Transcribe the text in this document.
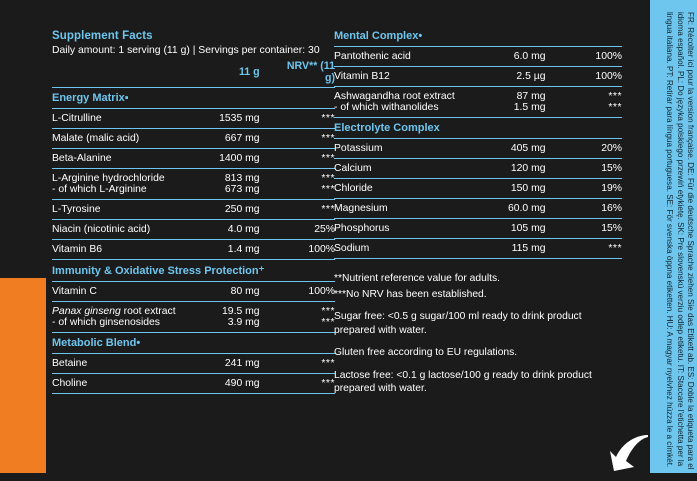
Supplement Facts
Daily amount: 1 serving (11 g) | Servings per container: 30
	11 g	NRV** (11 g)
Energy Matrix▪		
L-Citrulline	1535 mg	***
Malate (malic acid)	667 mg	***
Beta-Alanine	1400 mg	***
L-Arginine hydrochloride	813 mg	***
- of which L-Arginine	673 mg	***
L-Tyrosine	250 mg	***
Niacin (nicotinic acid)	4.0 mg	25%
Vitamin B6	1.4 mg	100%
Immunity & Oxidative Stress Protection⁺		
Vitamin C	80 mg	100%
Panax ginseng root extract	19.5 mg	***
- of which ginsenosides	3.9 mg	***
Metabolic Blend•		
Betaine	241 mg	***
Choline	490 mg	***

Mental Complex•		
Pantothenic acid	6.0 mg	100%
Vitamin B12	2.5 µg	100%
Ashwagandha root extract	87 mg	***
- of which withanolides	1.5 mg	***
Electrolyte Complex		
Potassium	405 mg	20%
Calcium	120 mg	15%
Chloride	150 mg	19%
Magnesium	60.0 mg	16%
Phosphorus	105 mg	15%
Sodium	115 mg	***

**Nutrient reference value for adults.

***No NRV has been established.

Sugar free: <0.5 g sugar/100 ml ready to drink product prepared with water.

Gluten free according to EU regulations.

Lactose free: <0.1 g lactose/100 g ready to drink product prepared with water.	FR: Récolter ici pour la version française. DE: Für die deutsche Sprache ziehen Sie das Etikett ab. ES: Doble la etiqueta para el idioma español. PL: Do języka polskiego przewiń etykietę. SK: Pre slovenskú verziu odlep etiketu. IT: Staccare l'etichetta per la lingua italiana. PT: Retirar para língua portuguesa. SE: För svenska öppna etiketten. HU: A magyar nyelvhez húzza le a címkét.
